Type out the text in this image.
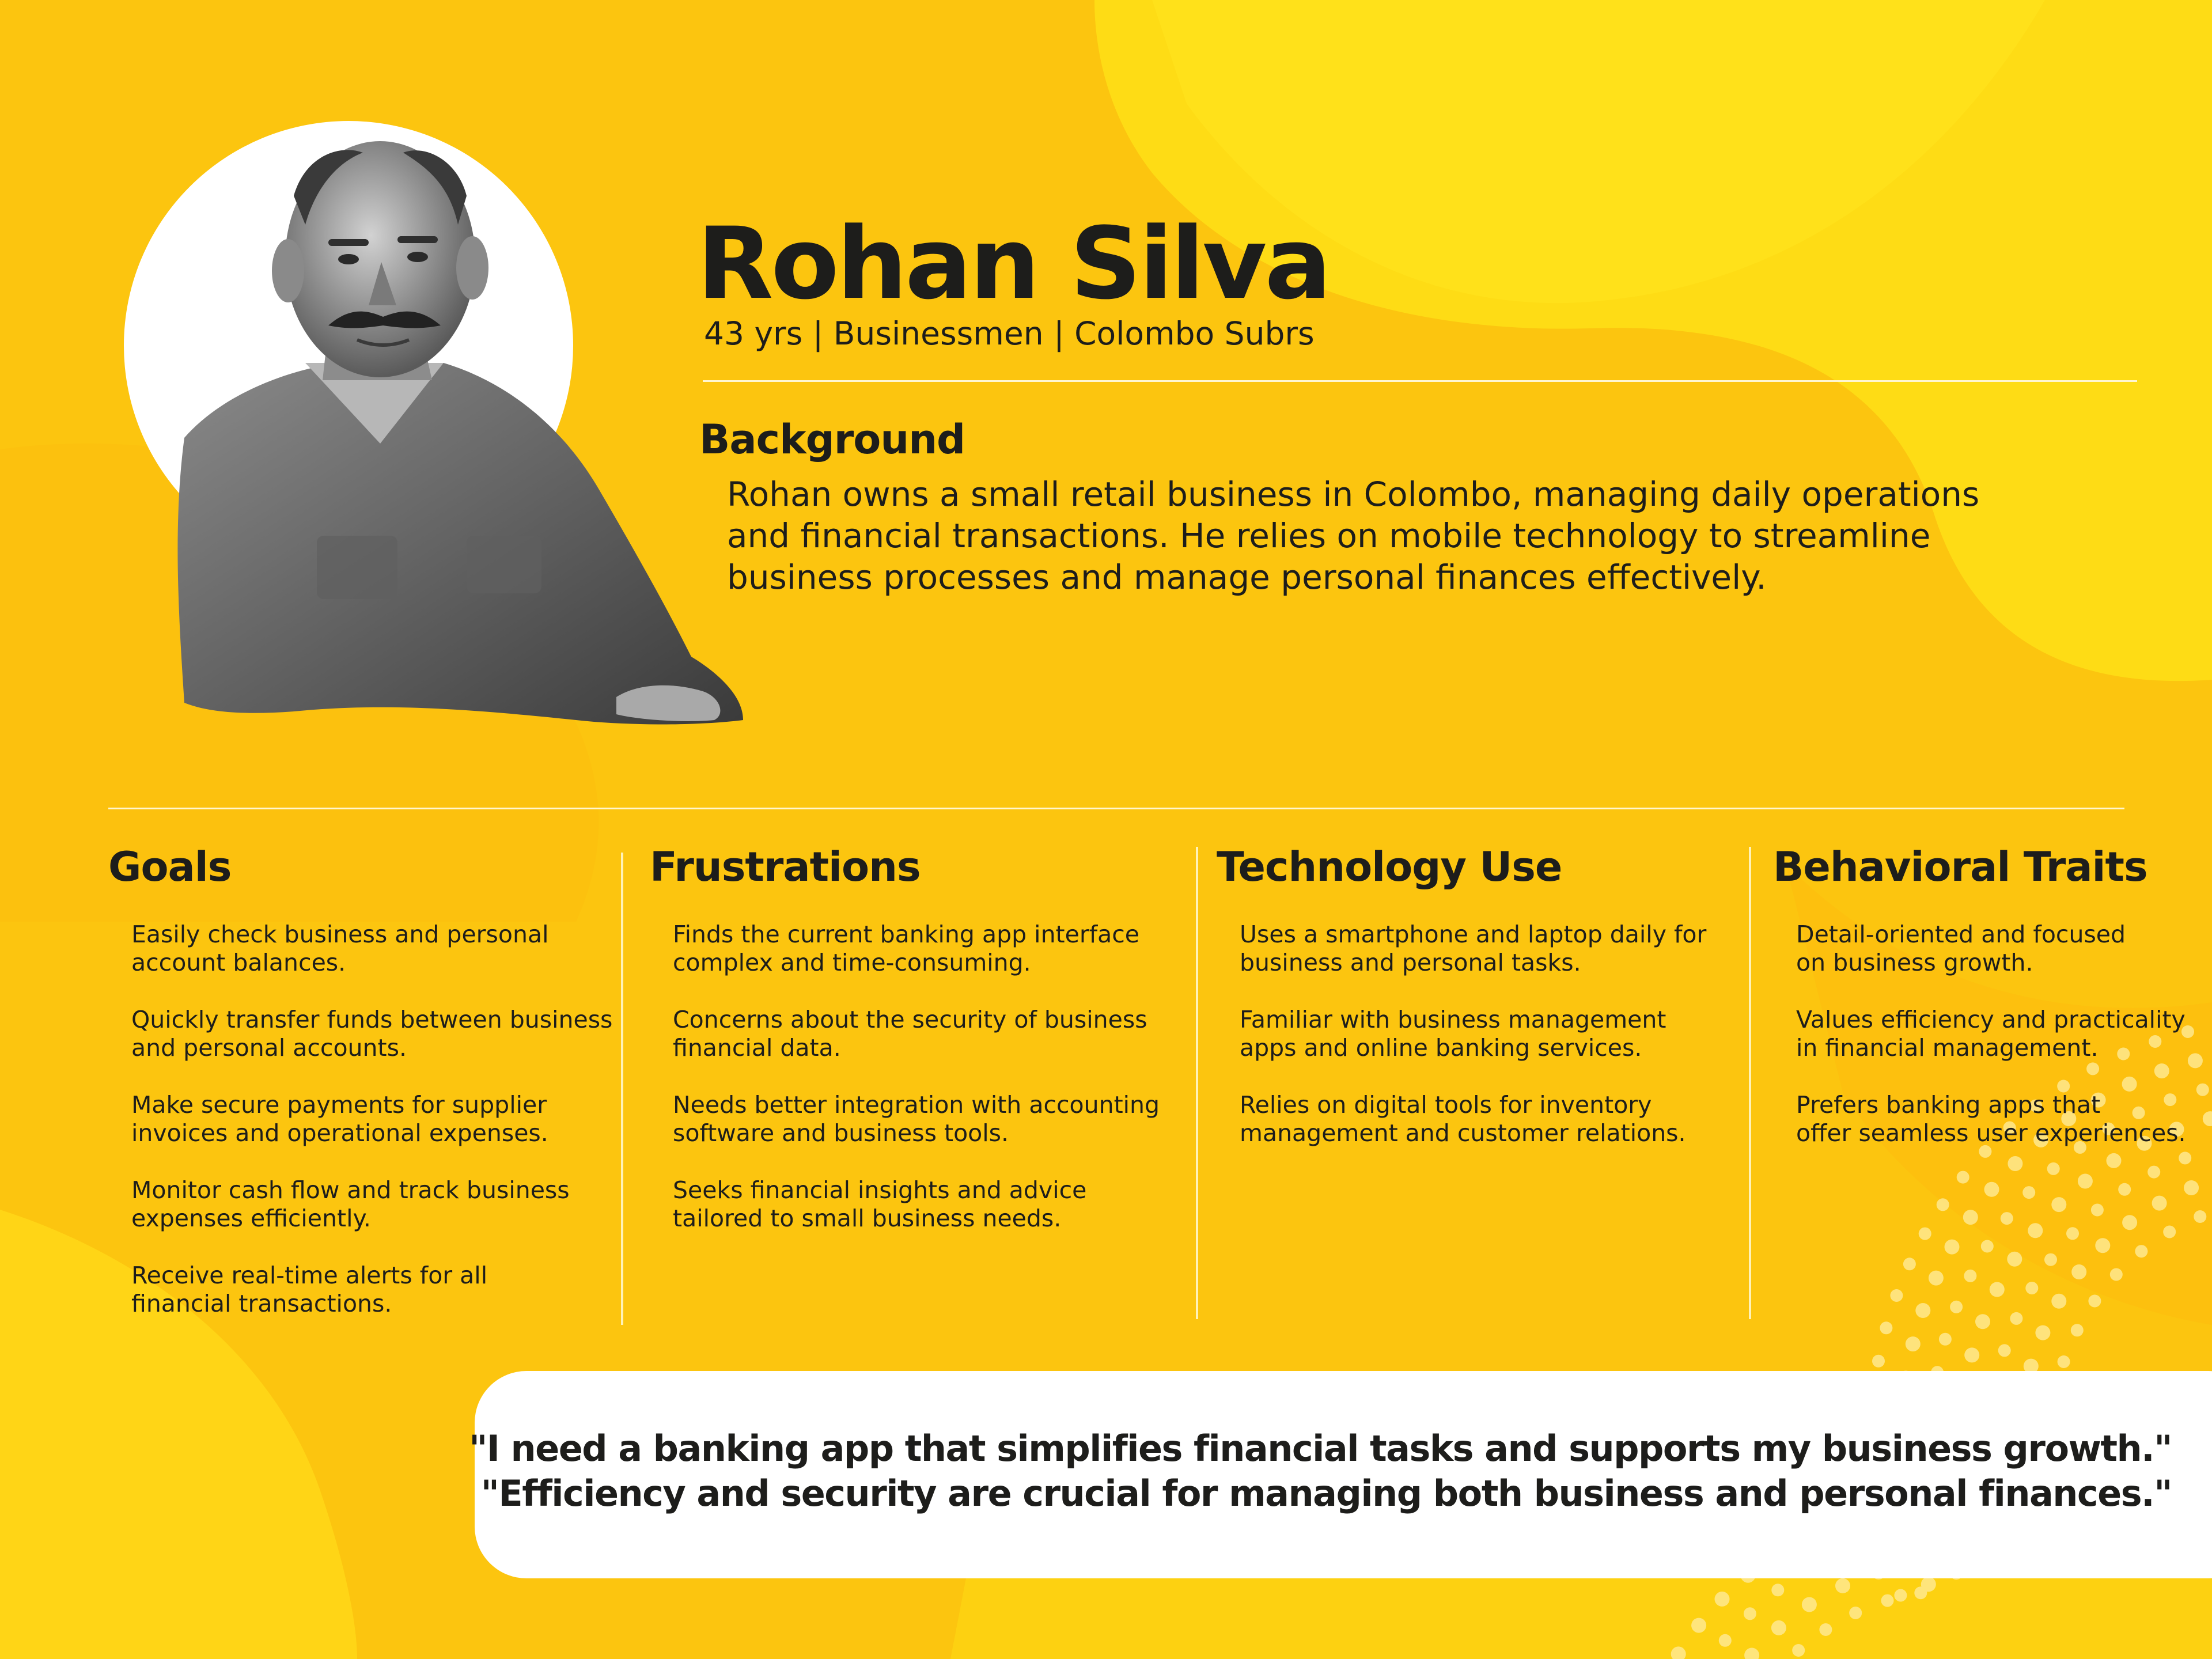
Rohan Silva
43 yrs | Businessmen | Colombo Subrs
Background
Rohan owns a small retail business in Colombo, managing daily operations
and financial transactions. He relies on mobile technology to streamline
business processes and manage personal finances effectively.
Goals
Easily check business and personal
account balances.
Quickly transfer funds between business
and personal accounts.
Make secure payments for supplier
invoices and operational expenses.
Monitor cash flow and track business
expenses efficiently.
Receive real-time alerts for all
financial transactions.
Frustrations
Finds the current banking app interface
complex and time-consuming.
Concerns about the security of business
financial data.
Needs better integration with accounting
software and business tools.
Seeks financial insights and advice
tailored to small business needs.
Technology Use
Uses a smartphone and laptop daily for
business and personal tasks.
Familiar with business management
apps and online banking services.
Relies on digital tools for inventory
management and customer relations.
Behavioral Traits
Detail-oriented and focused
on business growth.
Values efficiency and practicality
in financial management.
Prefers banking apps that
offer seamless user experiences.
"I need a banking app that simplifies financial tasks and supports my business growth."
"Efficiency and security are crucial for managing both business and personal finances."
